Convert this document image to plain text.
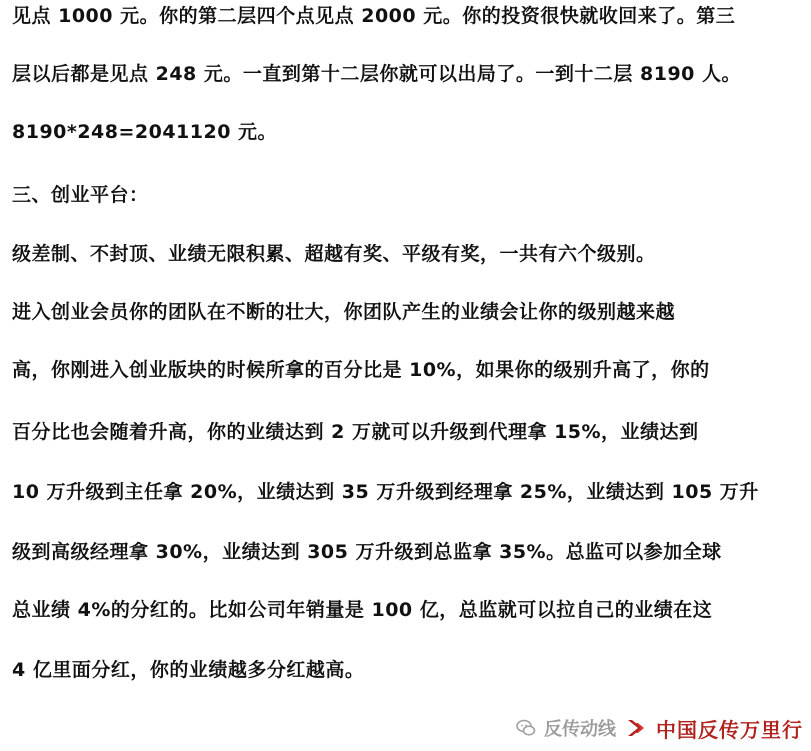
见点 1000 元。你的第二层四个点见点 2000 元。你的投资很快就收回来了。第三
层以后都是见点 248 元。一直到第十二层你就可以出局了。一到十二层 8190 人。
8190*248=2041120 元。
三、创业平台：
级差制、不封顶、业绩无限积累、超越有奖、平级有奖，一共有六个级别。
进入创业会员你的团队在不断的壮大，你团队产生的业绩会让你的级别越来越
高，你刚进入创业版块的时候所拿的百分比是 10%，如果你的级别升高了，你的
百分比也会随着升高，你的业绩达到 2 万就可以升级到代理拿 15%，业绩达到
10 万升级到主任拿 20%，业绩达到 35 万升级到经理拿 25%，业绩达到 105 万升
级到高级经理拿 30%，业绩达到 305 万升级到总监拿 35%。总监可以参加全球
总业绩 4%的分红的。比如公司年销量是 100 亿，总监就可以拉自己的业绩在这
4 亿里面分红，你的业绩越多分红越高。
反传动线 中国反传万里行
